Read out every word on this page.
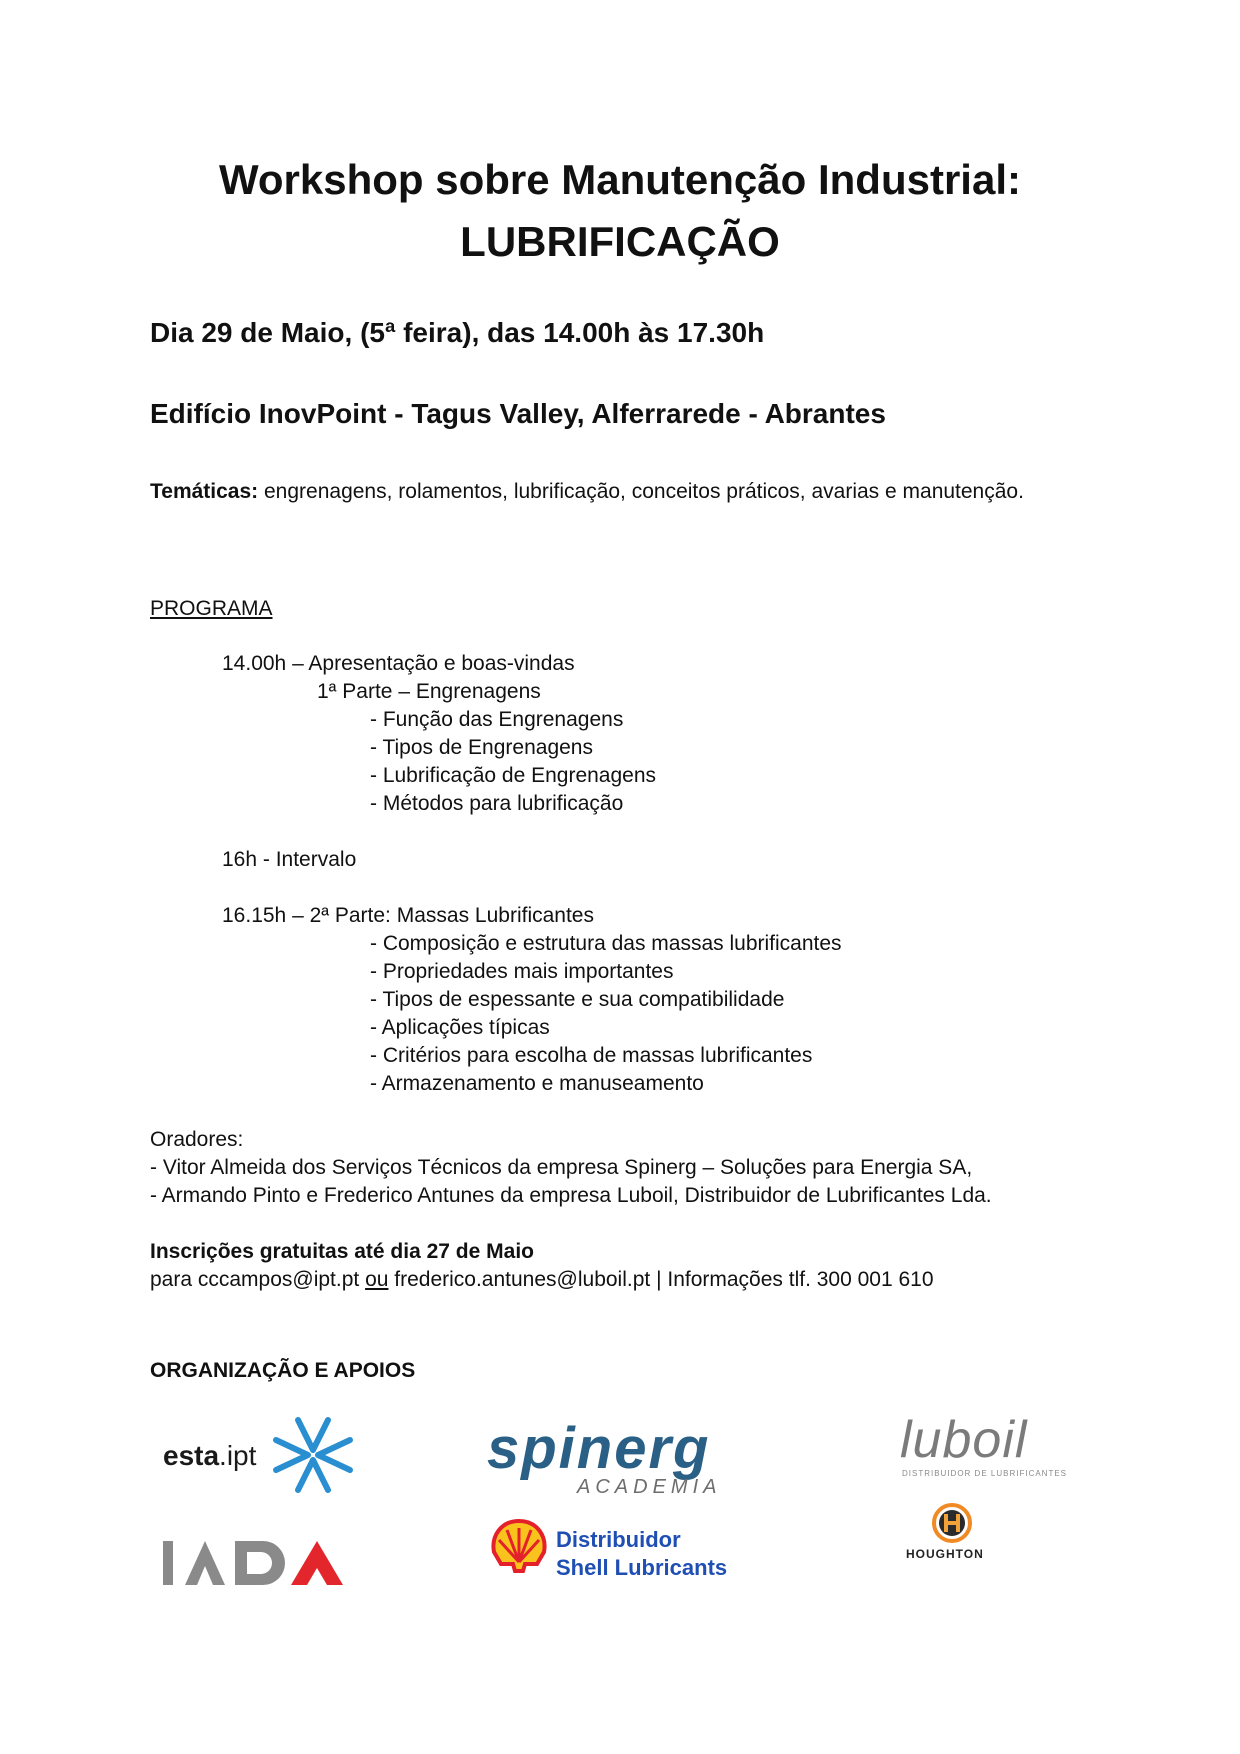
Workshop sobre Manutenção Industrial:
LUBRIFICAÇÃO
Dia 29 de Maio, (5ª feira), das 14.00h às 17.30h
Edifício InovPoint - Tagus Valley, Alferrarede - Abrantes
Temáticas: engrenagens, rolamentos, lubrificação, conceitos práticos, avarias e manutenção.
PROGRAMA
14.00h – Apresentação e boas-vindas
1ª Parte – Engrenagens
- Função das Engrenagens
- Tipos de Engrenagens
- Lubrificação de Engrenagens
- Métodos para lubrificação
16h - Intervalo
16.15h – 2ª Parte: Massas Lubrificantes
- Composição e estrutura das massas lubrificantes
- Propriedades mais importantes
- Tipos de espessante e sua compatibilidade
- Aplicações típicas
- Critérios para escolha de massas lubrificantes
- Armazenamento e manuseamento
Oradores:
- Vitor Almeida dos Serviços Técnicos da empresa Spinerg – Soluções para Energia SA,
- Armando Pinto e Frederico Antunes da empresa Luboil, Distribuidor de Lubrificantes Lda.
Inscrições gratuitas até dia 27 de Maio
para cccampos@ipt.pt ou frederico.antunes@luboil.pt | Informações tlf. 300 001 610
ORGANIZAÇÃO E APOIOS
esta.ipt	spinerg
ACADEMIA
luboil
DISTRIBUIDOR DE LUBRIFICANTES
Distribuidor
Shell Lubricants
HOUGHTON
